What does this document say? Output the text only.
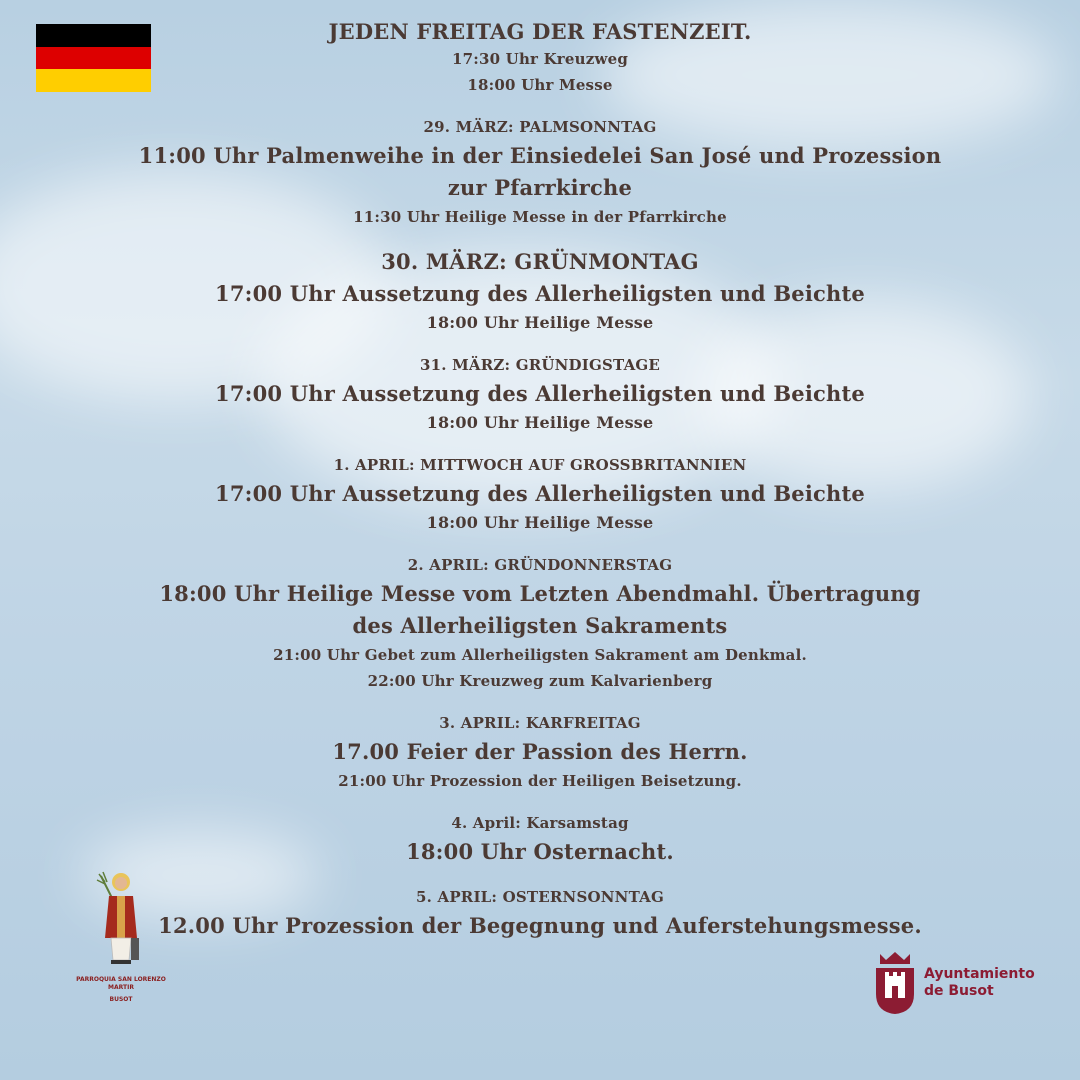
JEDEN FREITAG DER FASTENZEIT.
17:30 Uhr Kreuzweg
18:00 Uhr Messe
29. MÄRZ: PALMSONNTAG
11:00 Uhr Palmenweihe in der Einsiedelei San José und Prozession
zur Pfarrkirche
11:30 Uhr Heilige Messe in der Pfarrkirche
30. MÄRZ: GRÜNMONTAG
17:00 Uhr Aussetzung des Allerheiligsten und Beichte
18:00 Uhr Heilige Messe
31. MÄRZ: GRÜNDIGSTAGE
17:00 Uhr Aussetzung des Allerheiligsten und Beichte
18:00 Uhr Heilige Messe
1. APRIL: MITTWOCH AUF GROSSBRITANNIEN
17:00 Uhr Aussetzung des Allerheiligsten und Beichte
18:00 Uhr Heilige Messe
2. APRIL: GRÜNDONNERSTAG
18:00 Uhr Heilige Messe vom Letzten Abendmahl. Übertragung
des Allerheiligsten Sakraments
21:00 Uhr Gebet zum Allerheiligsten Sakrament am Denkmal.
22:00 Uhr Kreuzweg zum Kalvarienberg
3. APRIL: KARFREITAG
17.00 Feier der Passion des Herrn.
21:00 Uhr Prozession der Heiligen Beisetzung.
4. April: Karsamstag
18:00 Uhr Osternacht.
5. APRIL: OSTERNSONNTAG
12.00 Uhr Prozession der Begegnung und Auferstehungsmesse.
PARROQUIA SAN LORENZO MARTIR
BUSOT
Ayuntamiento
de Busot
